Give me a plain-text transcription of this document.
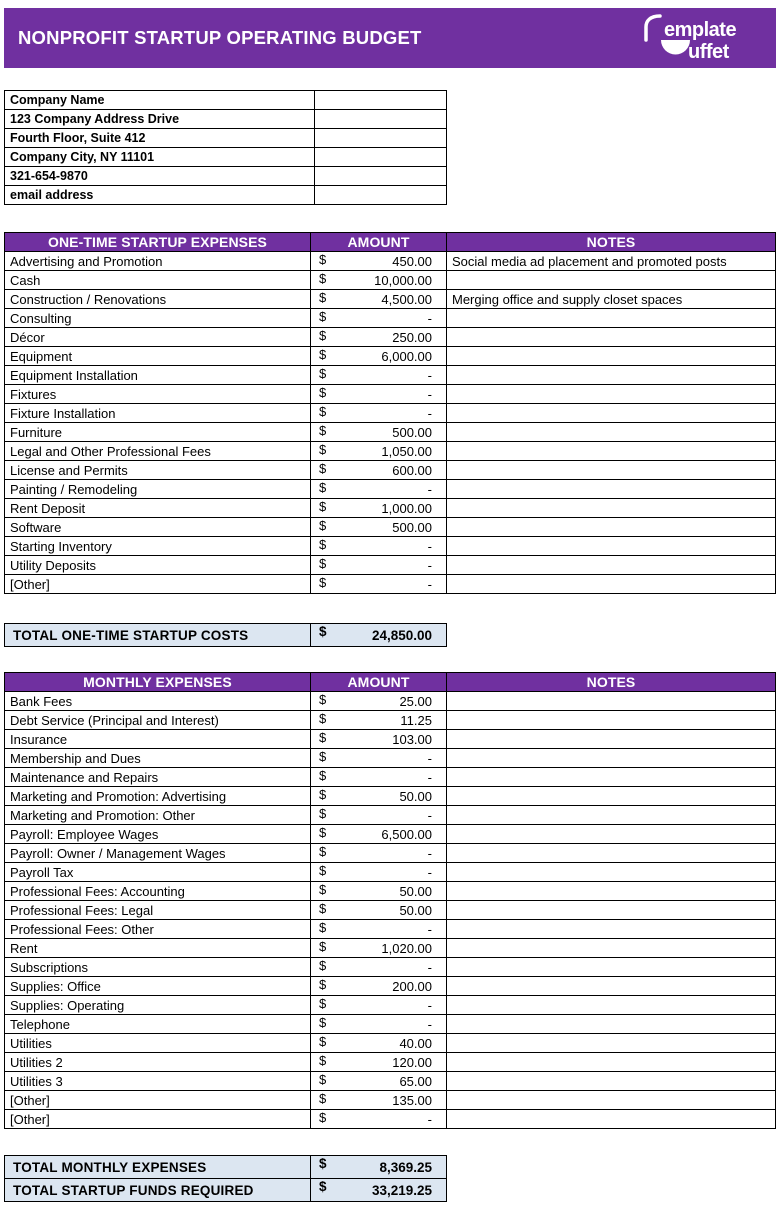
NONPROFIT STARTUP OPERATING BUDGET	emplate
uffet
Company Name	
123 Company Address Drive	
Fourth Floor, Suite 412	
Company City, NY 11101	
321-654-9870	
email address	
ONE-TIME STARTUP EXPENSES	AMOUNT	NOTES
Advertising and Promotion	$ 450.00	Social media ad placement and promoted posts
Cash	$ 10,000.00	
Construction / Renovations	$ 4,500.00	Merging office and supply closet spaces
Consulting	$ -	
Décor	$ 250.00	
Equipment	$ 6,000.00	
Equipment Installation	$ -	
Fixtures	$ -	
Fixture Installation	$ -	
Furniture	$ 500.00	
Legal and Other Professional Fees	$ 1,050.00	
License and Permits	$ 600.00	
Painting / Remodeling	$ -	
Rent Deposit	$ 1,000.00	
Software	$ 500.00	
Starting Inventory	$ -	
Utility Deposits	$ -	
[Other]	$ -	
TOTAL ONE-TIME STARTUP COSTS	$	24,850.00
MONTHLY EXPENSES	AMOUNT	NOTES
Bank Fees	$ 25.00	
Debt Service (Principal and Interest)	$ 11.25	
Insurance	$ 103.00	
Membership and Dues	$ -	
Maintenance and Repairs	$ -	
Marketing and Promotion: Advertising	$ 50.00	
Marketing and Promotion: Other	$ -	
Payroll: Employee Wages	$ 6,500.00	
Payroll: Owner / Management Wages	$ -	
Payroll Tax	$ -	
Professional Fees: Accounting	$ 50.00	
Professional Fees: Legal	$ 50.00	
Professional Fees: Other	$ -	
Rent	$ 1,020.00	
Subscriptions	$ -	
Supplies: Office	$ 200.00	
Supplies: Operating	$ -	
Telephone	$ -	
Utilities	$ 40.00	
Utilities 2	$ 120.00	
Utilities 3	$ 65.00	
[Other]	$ 135.00	
[Other]	$ -	
TOTAL MONTHLY EXPENSES	$ 8,369.25
TOTAL STARTUP FUNDS REQUIRED	$ 33,219.25
